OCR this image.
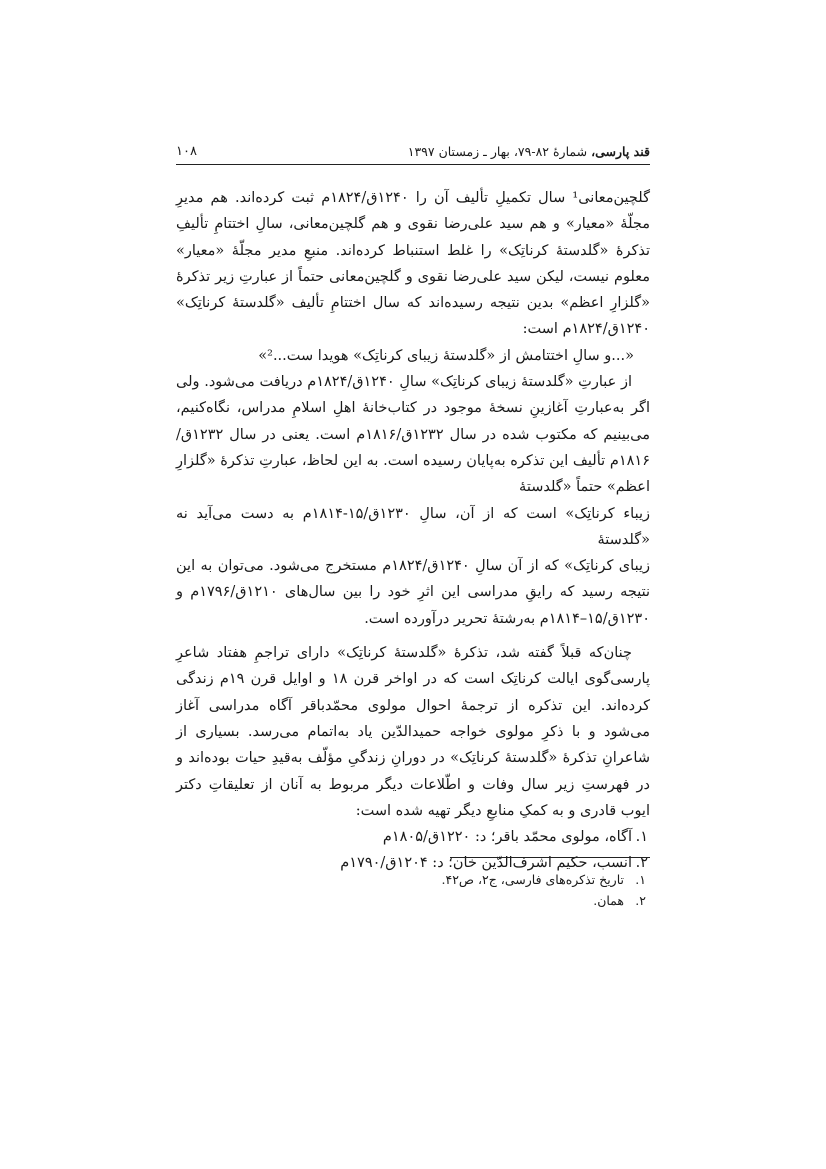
قند پارسی، شمارۀ ۸۲-۷۹، بهار ـ زمستان ۱۳۹۷
۱۰۸

گلچین‌معانی¹ سال تکمیلِ تألیف آن را ۱۲۴۰ق/۱۸۲۴م ثبت کرده‌اند. هم مدیرِ مجلّۀ «معیار» و هم سید علی‌رضا نقوی و هم گلچین‌معانی، سالِ اختتامِ تألیفِ تذکرۀ «گلدستۀ کرناتِک» را غلط استنباط کرده‌اند. منبعِ مدیر مجلّۀ «معیار» معلوم نیست، لیکن سید علی‌رضا نقوی و گلچین‌معانی حتماً از عبارتِ زیر تذکرۀ «گلزارِ اعظم» بدین نتیجه رسیده‌اند که سال اختتامِ تألیف «گلدستۀ کرناتِک» ۱۲۴۰ق/۱۸۲۴م است:

«...و سالِ اختتامش از «گلدستۀ زیبای کرناتِک» هویدا ست...²»

از عبارتِ «گلدستۀ زیبای کرناتِک» سالِ ۱۲۴۰ق/۱۸۲۴م دریافت می‌شود. ولی اگر به‌عبارتِ آغازینِ نسخۀ موجود در کتاب‌خانۀ اهلِ اسلامِ مدراس، نگاه‌کنیم، می‌بینیم که مکتوب شده در سال ۱۲۳۲ق/۱۸۱۶م است. یعنی در سال ۱۲۳۲ق/۱۸۱۶م تألیف این تذکره به‌پایان رسیده است. به این لحاظ، عبارتِ تذکرۀ «گلزارِ اعظم» حتماً «گلدستۀ

زیباء کرناتِک» است که از آن، سالِ ۱۲۳۰ق/۱۵-۱۸۱۴م به دست می‌آید نه «گلدستۀ

زیبای کرناتِک» که از آن سالِ ۱۲۴۰ق/۱۸۲۴م مستخرج می‌شود. می‌توان به این نتیجه رسید که رایقِ مدراسی این اثرِ خود را بین سال‌های ۱۲۱۰ق/۱۷۹۶م و ۱۲۳۰ق/۱۵–۱۸۱۴م به‌رشتۀ تحریر درآورده است.

چنان‌که قبلاً گفته شد، تذکرۀ «گلدستۀ کرناتِک» دارای تراجمِ هفتاد شاعرِ پارسی‌گوی ایالت کرناتِک است که در اواخر قرن ۱۸ و اوایل قرن ۱۹م زندگی کرده‌اند. این تذکره از ترجمۀ احوال مولوی محمّدباقر آگاه مدراسی آغاز می‌شود و با ذکرِ مولوی خواجه حمیدالدّین یاد به‌اتمام می‌رسد. بسیاری از شاعرانِ تذکرۀ «گلدستۀ کرناتِک» در دورانِ زندگیِ مؤلّف به‌قیدِ حیات بوده‌اند و در فهرستِ زیر سال وفات و اطّلاعات دیگر مربوط به آنان از تعلیقاتِ دکتر ایوب قادری و به کمکِ منابعِ دیگر تهیه شده است:

۱.
آگاه، مولوی محمّد باقر؛ د: ۱۲۲۰ق/۱۸۰۵م
۲.
انسب، حکیم اشرف‌الدّین خان؛ د: ۱۲۰۴ق/۱۷۹۰م
۱.تاریخ تذکره‌های فارسی، ج۲، ص۴۲.
۲.همان.
